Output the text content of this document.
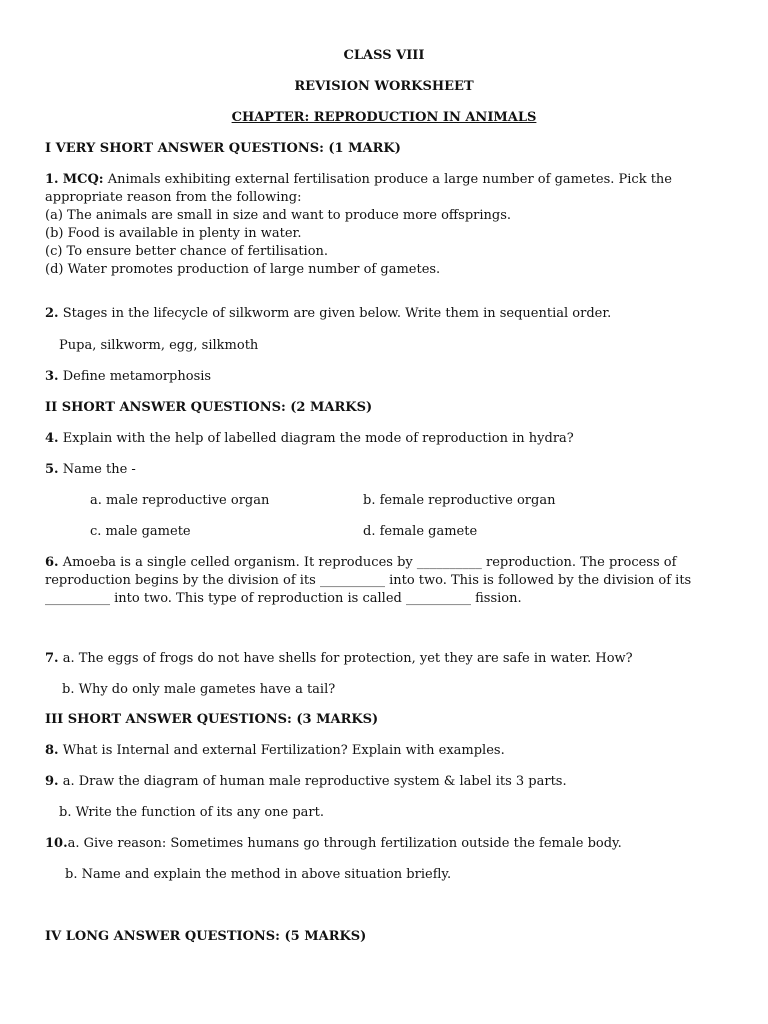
CLASS VIII
REVISION WORKSHEET
CHAPTER: REPRODUCTION IN ANIMALS
I VERY SHORT ANSWER QUESTIONS: (1 MARK)
1. MCQ: Animals exhibiting external fertilisation produce a large number of gametes. Pick the
appropriate reason from the following:
(a) The animals are small in size and want to produce more offsprings.
(b) Food is available in plenty in water.
(c) To ensure better chance of fertilisation.
(d) Water promotes production of large number of gametes.
2. Stages in the lifecycle of silkworm are given below. Write them in sequential order.
Pupa, silkworm, egg, silkmoth
3. Define metamorphosis
II SHORT ANSWER QUESTIONS: (2 MARKS)
4. Explain with the help of labelled diagram the mode of reproduction in hydra?
5. Name the -
a. male reproductive organ	b. female reproductive organ
c. male gamete	d. female gamete
6. Amoeba is a single celled organism. It reproduces by __________ reproduction. The process of
reproduction begins by the division of its __________ into two. This is followed by the division of its
__________ into two. This type of reproduction is called __________ fission.
7. a. The eggs of frogs do not have shells for protection, yet they are safe in water. How?
b. Why do only male gametes have a tail?
III SHORT ANSWER QUESTIONS: (3 MARKS)
8. What is Internal and external Fertilization? Explain with examples.
9. a. Draw the diagram of human male reproductive system & label its 3 parts.
b. Write the function of its any one part.
10.a. Give reason: Sometimes humans go through fertilization outside the female body.
b. Name and explain the method in above situation briefly.
IV LONG ANSWER QUESTIONS: (5 MARKS)
